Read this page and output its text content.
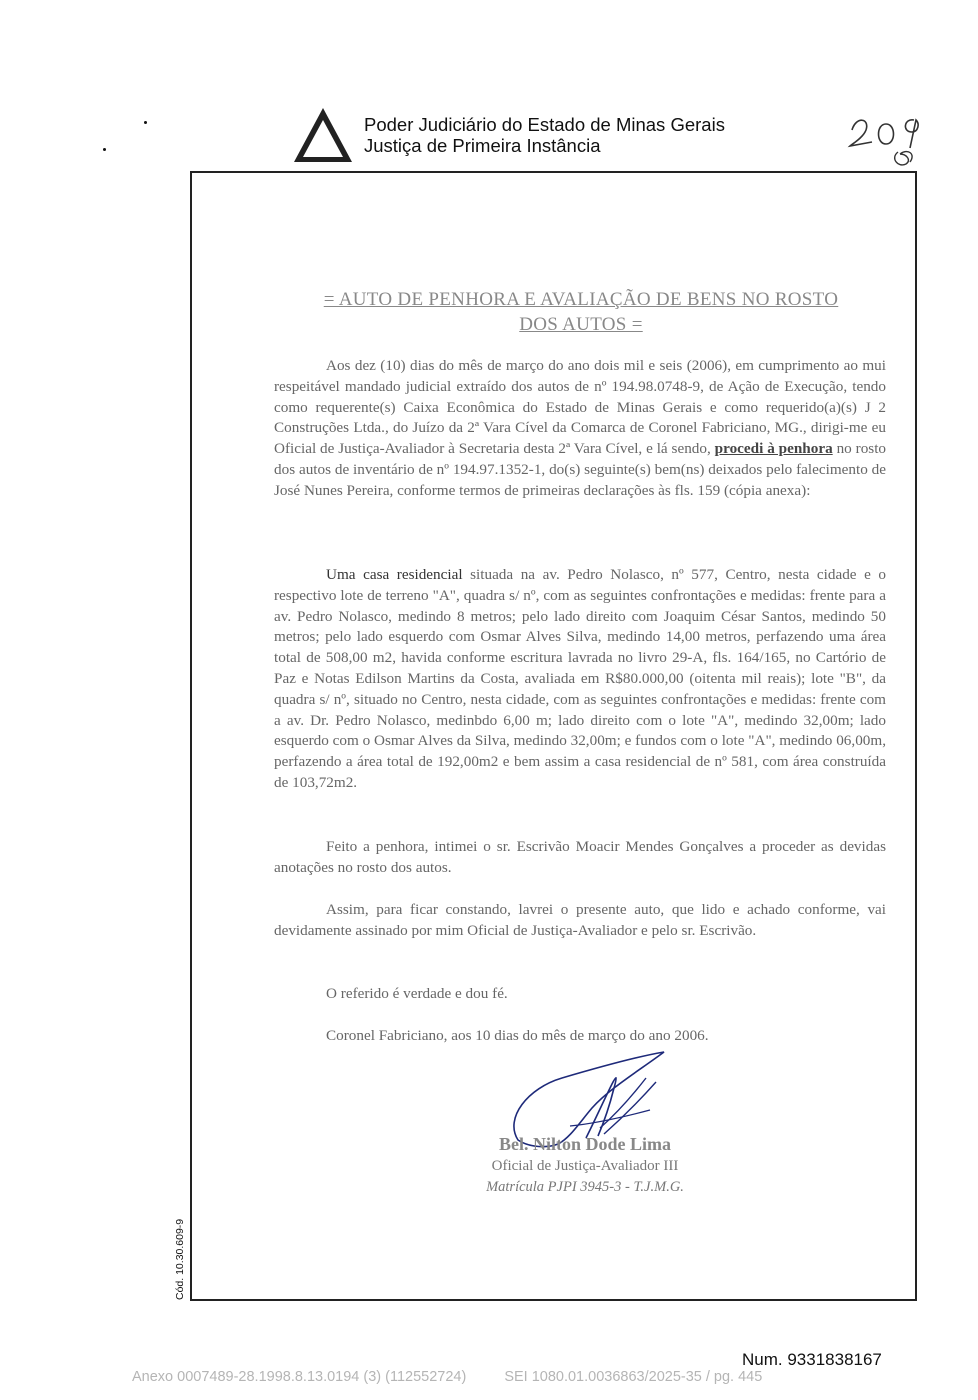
Poder Judiciário do Estado de Minas Gerais
Justiça de Primeira Instância
Cód. 10.30.609-9
= AUTO DE PENHORA E AVALIAÇÃO DE BENS NO ROSTO
DOS AUTOS =
Aos dez (10) dias do mês de março do ano dois mil e seis (2006), em cumprimento ao mui respeitável mandado judicial extraído dos autos de nº 194.98.0748-9, de Ação de Execução, tendo como requerente(s) Caixa Econômica do Estado de Minas Gerais e como requerido(a)(s) J 2 Construções Ltda., do Juízo da 2ª Vara Cível da Comarca de Coronel Fabriciano, MG., dirigi-me eu Oficial de Justiça-Avaliador à Secretaria desta 2ª Vara Cível, e lá sendo, procedi à penhora no rosto dos autos de inventário de nº 194.97.1352-1, do(s) seguinte(s) bem(ns) deixados pelo falecimento de José Nunes Pereira, conforme termos de primeiras declarações às fls. 159 (cópia anexa):
Uma casa residencial situada na av. Pedro Nolasco, nº 577, Centro, nesta cidade e o respectivo lote de terreno "A", quadra s/ nº, com as seguintes confrontações e medidas: frente para a av. Pedro Nolasco, medindo 8 metros; pelo lado direito com Joaquim César Santos, medindo 50 metros; pelo lado esquerdo com Osmar Alves Silva, medindo 14,00 metros, perfazendo uma área total de 508,00 m2, havida conforme escritura lavrada no livro 29-A, fls. 164/165, no Cartório de Paz e Notas Edilson Martins da Costa, avaliada em R$80.000,00 (oitenta mil reais); lote "B", da quadra s/ nº, situado no Centro, nesta cidade, com as seguintes confrontações e medidas: frente com a av. Dr. Pedro Nolasco, medinbdo 6,00 m; lado direito com o lote "A", medindo 32,00m; lado esquerdo com o Osmar Alves da Silva, medindo 32,00m; e fundos com o lote "A", medindo 06,00m, perfazendo a área total de 192,00m2 e bem assim a casa residencial de nº 581, com área construída de 103,72m2.
Feito a penhora, intimei o sr. Escrivão Moacir Mendes Gonçalves a proceder as devidas anotações no rosto dos autos.
Assim, para ficar constando, lavrei o presente auto, que lido e achado conforme, vai devidamente assinado por mim Oficial de Justiça-Avaliador e pelo sr. Escrivão.
O referido é verdade e dou fé.
Coronel Fabriciano, aos 10 dias do mês de março do ano 2006.
Bel. Nilton Dode Lima
Oficial de Justiça-Avaliador III
Matrícula PJPI 3945-3 - T.J.M.G.
Num. 9331838167
Anexo 0007489-28.1998.8.13.0194 (3) (112552724)	SEI 1080.01.0036863/2025-35 / pg. 445
